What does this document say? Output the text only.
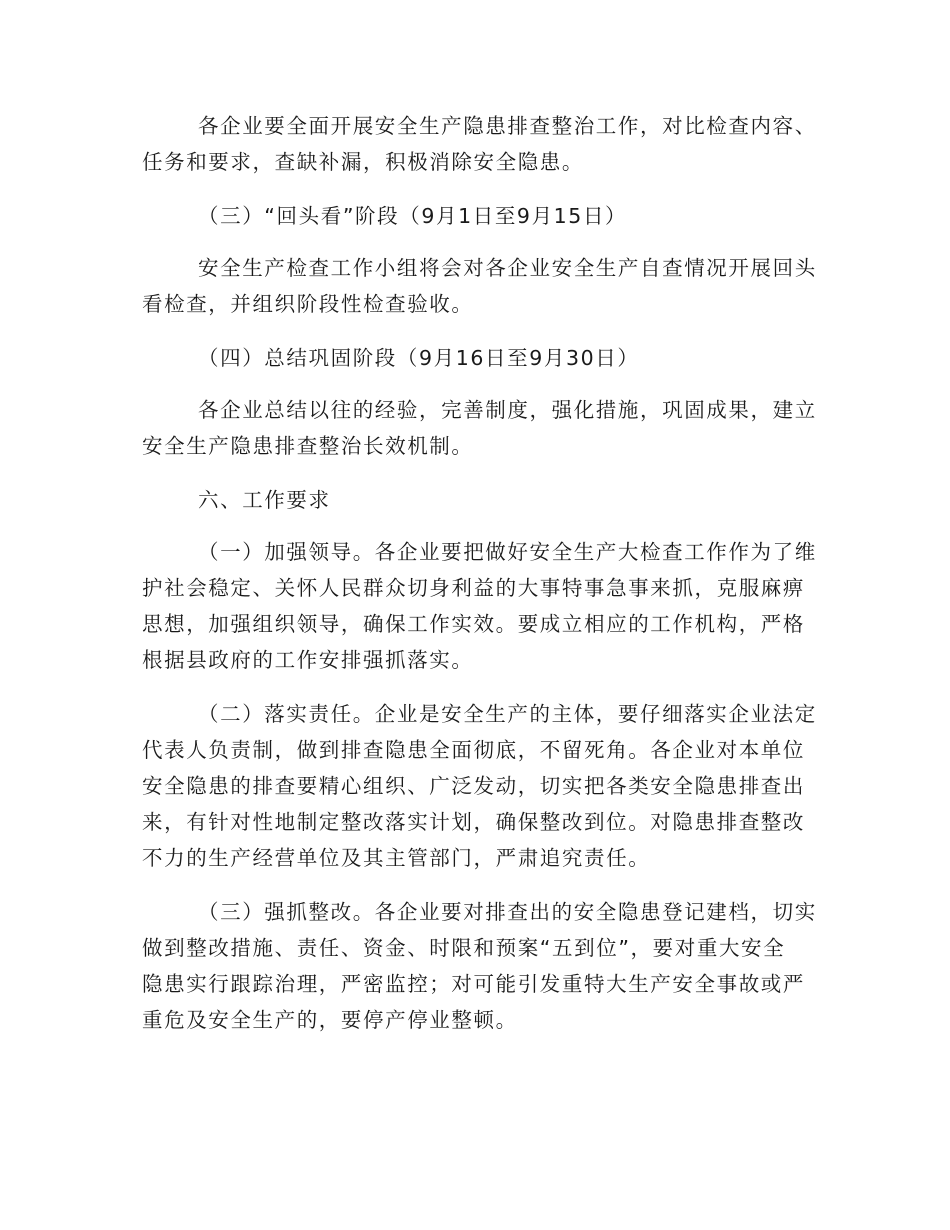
各企业要全面开展安全生产隐患排查整治工作，对比检查内容、
任务和要求，查缺补漏，积极消除安全隐患。

（三）“回头看”阶段（9月1日至9月15日）

安全生产检查工作小组将会对各企业安全生产自查情况开展回头
看检查，并组织阶段性检查验收。

（四）总结巩固阶段（9月16日至9月30日）

各企业总结以往的经验，完善制度，强化措施，巩固成果，建立
安全生产隐患排查整治长效机制。

六、工作要求

（一）加强领导。各企业要把做好安全生产大检查工作作为了维
护社会稳定、关怀人民群众切身利益的大事特事急事来抓，克服麻痹
思想，加强组织领导，确保工作实效。要成立相应的工作机构，严格
根据县政府的工作安排强抓落实。

（二）落实责任。企业是安全生产的主体，要仔细落实企业法定
代表人负责制，做到排查隐患全面彻底，不留死角。各企业对本单位
安全隐患的排查要精心组织、广泛发动，切实把各类安全隐患排查出
来，有针对性地制定整改落实计划，确保整改到位。对隐患排查整改
不力的生产经营单位及其主管部门，严肃追究责任。

（三）强抓整改。各企业要对排查出的安全隐患登记建档，切实
做到整改措施、责任、资金、时限和预案“五到位”，要对重大安全
隐患实行跟踪治理，严密监控；对可能引发重特大生产安全事故或严
重危及安全生产的，要停产停业整顿。
